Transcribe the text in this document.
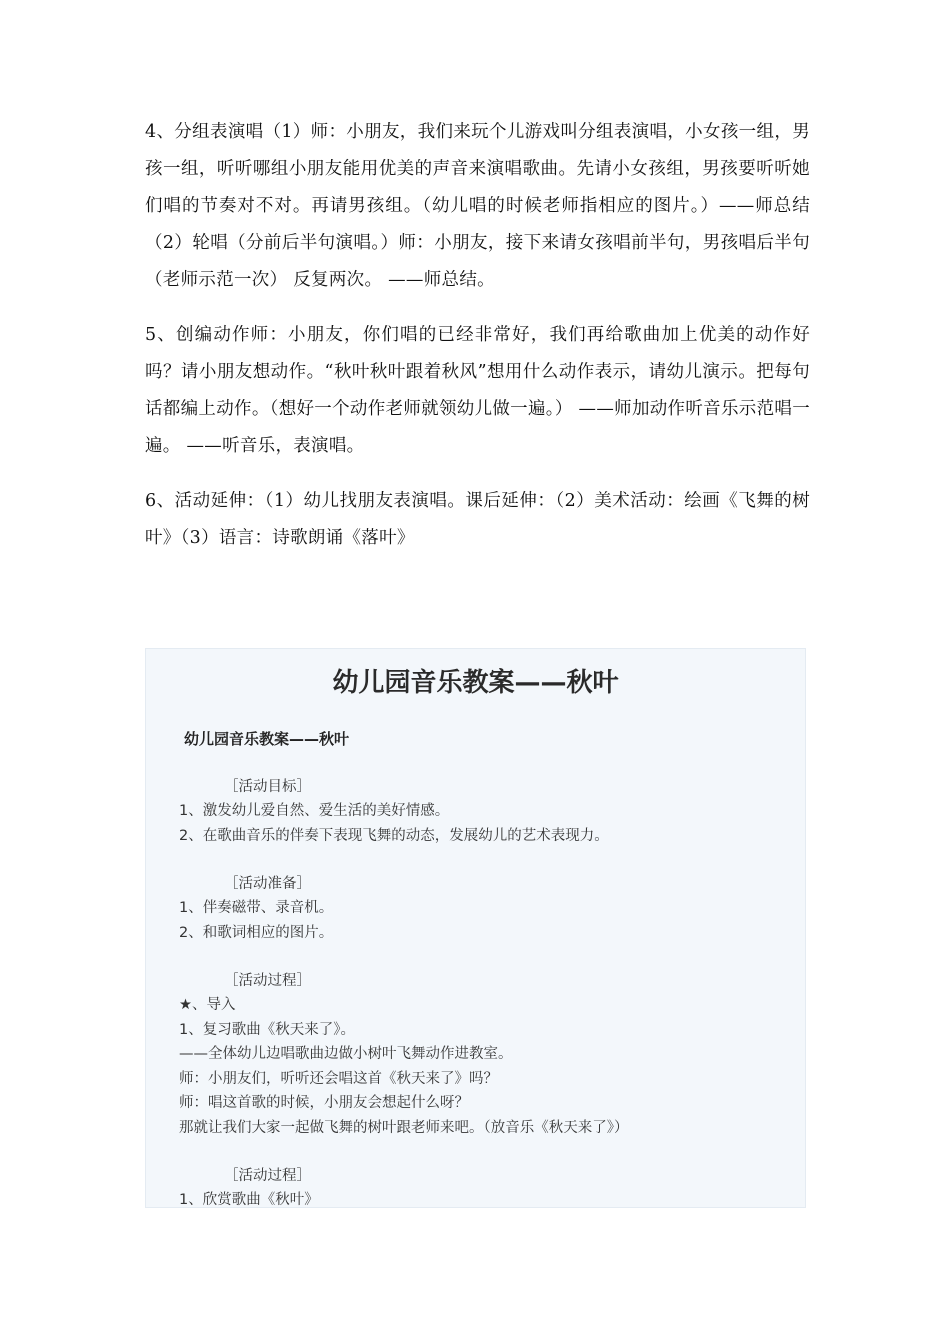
4、分组表演唱（1）师：小朋友，我们来玩个儿游戏叫分组表演唱，小女孩一组，男孩一组，听听哪组小朋友能用优美的声音来演唱歌曲。先请小女孩组，男孩要听听她们唱的节奏对不对。再请男孩组。（幼儿唱的时候老师指相应的图片。）——师总结（2）轮唱（分前后半句演唱。）师：小朋友，接下来请女孩唱前半句，男孩唱后半句（老师示范一次） 反复两次。 ——师总结。

5、创编动作师：小朋友，你们唱的已经非常好，我们再给歌曲加上优美的动作好吗？请小朋友想动作。“秋叶秋叶跟着秋风”想用什么动作表示，请幼儿演示。把每句话都编上动作。（想好一个动作老师就领幼儿做一遍。） ——师加动作听音乐示范唱一遍。 ——听音乐，表演唱。

6、活动延伸：（1）幼儿找朋友表演唱。课后延伸：（2）美术活动：绘画《飞舞的树叶》（3）语言：诗歌朗诵《落叶》

幼儿园音乐教案——秋叶
幼儿园音乐教案——秋叶
［活动目标］
1、激发幼儿爱自然、爱生活的美好情感。
2、在歌曲音乐的伴奏下表现飞舞的动态，发展幼儿的艺术表现力。
［活动准备］
1、伴奏磁带、录音机。
2、和歌词相应的图片。
［活动过程］
★、导入
1、复习歌曲《秋天来了》。
——全体幼儿边唱歌曲边做小树叶飞舞动作进教室。
师：小朋友们，听听还会唱这首《秋天来了》吗？
师：唱这首歌的时候，小朋友会想起什么呀？
那就让我们大家一起做飞舞的树叶跟老师来吧。（放音乐《秋天来了》）
［活动过程］
1、欣赏歌曲《秋叶》
